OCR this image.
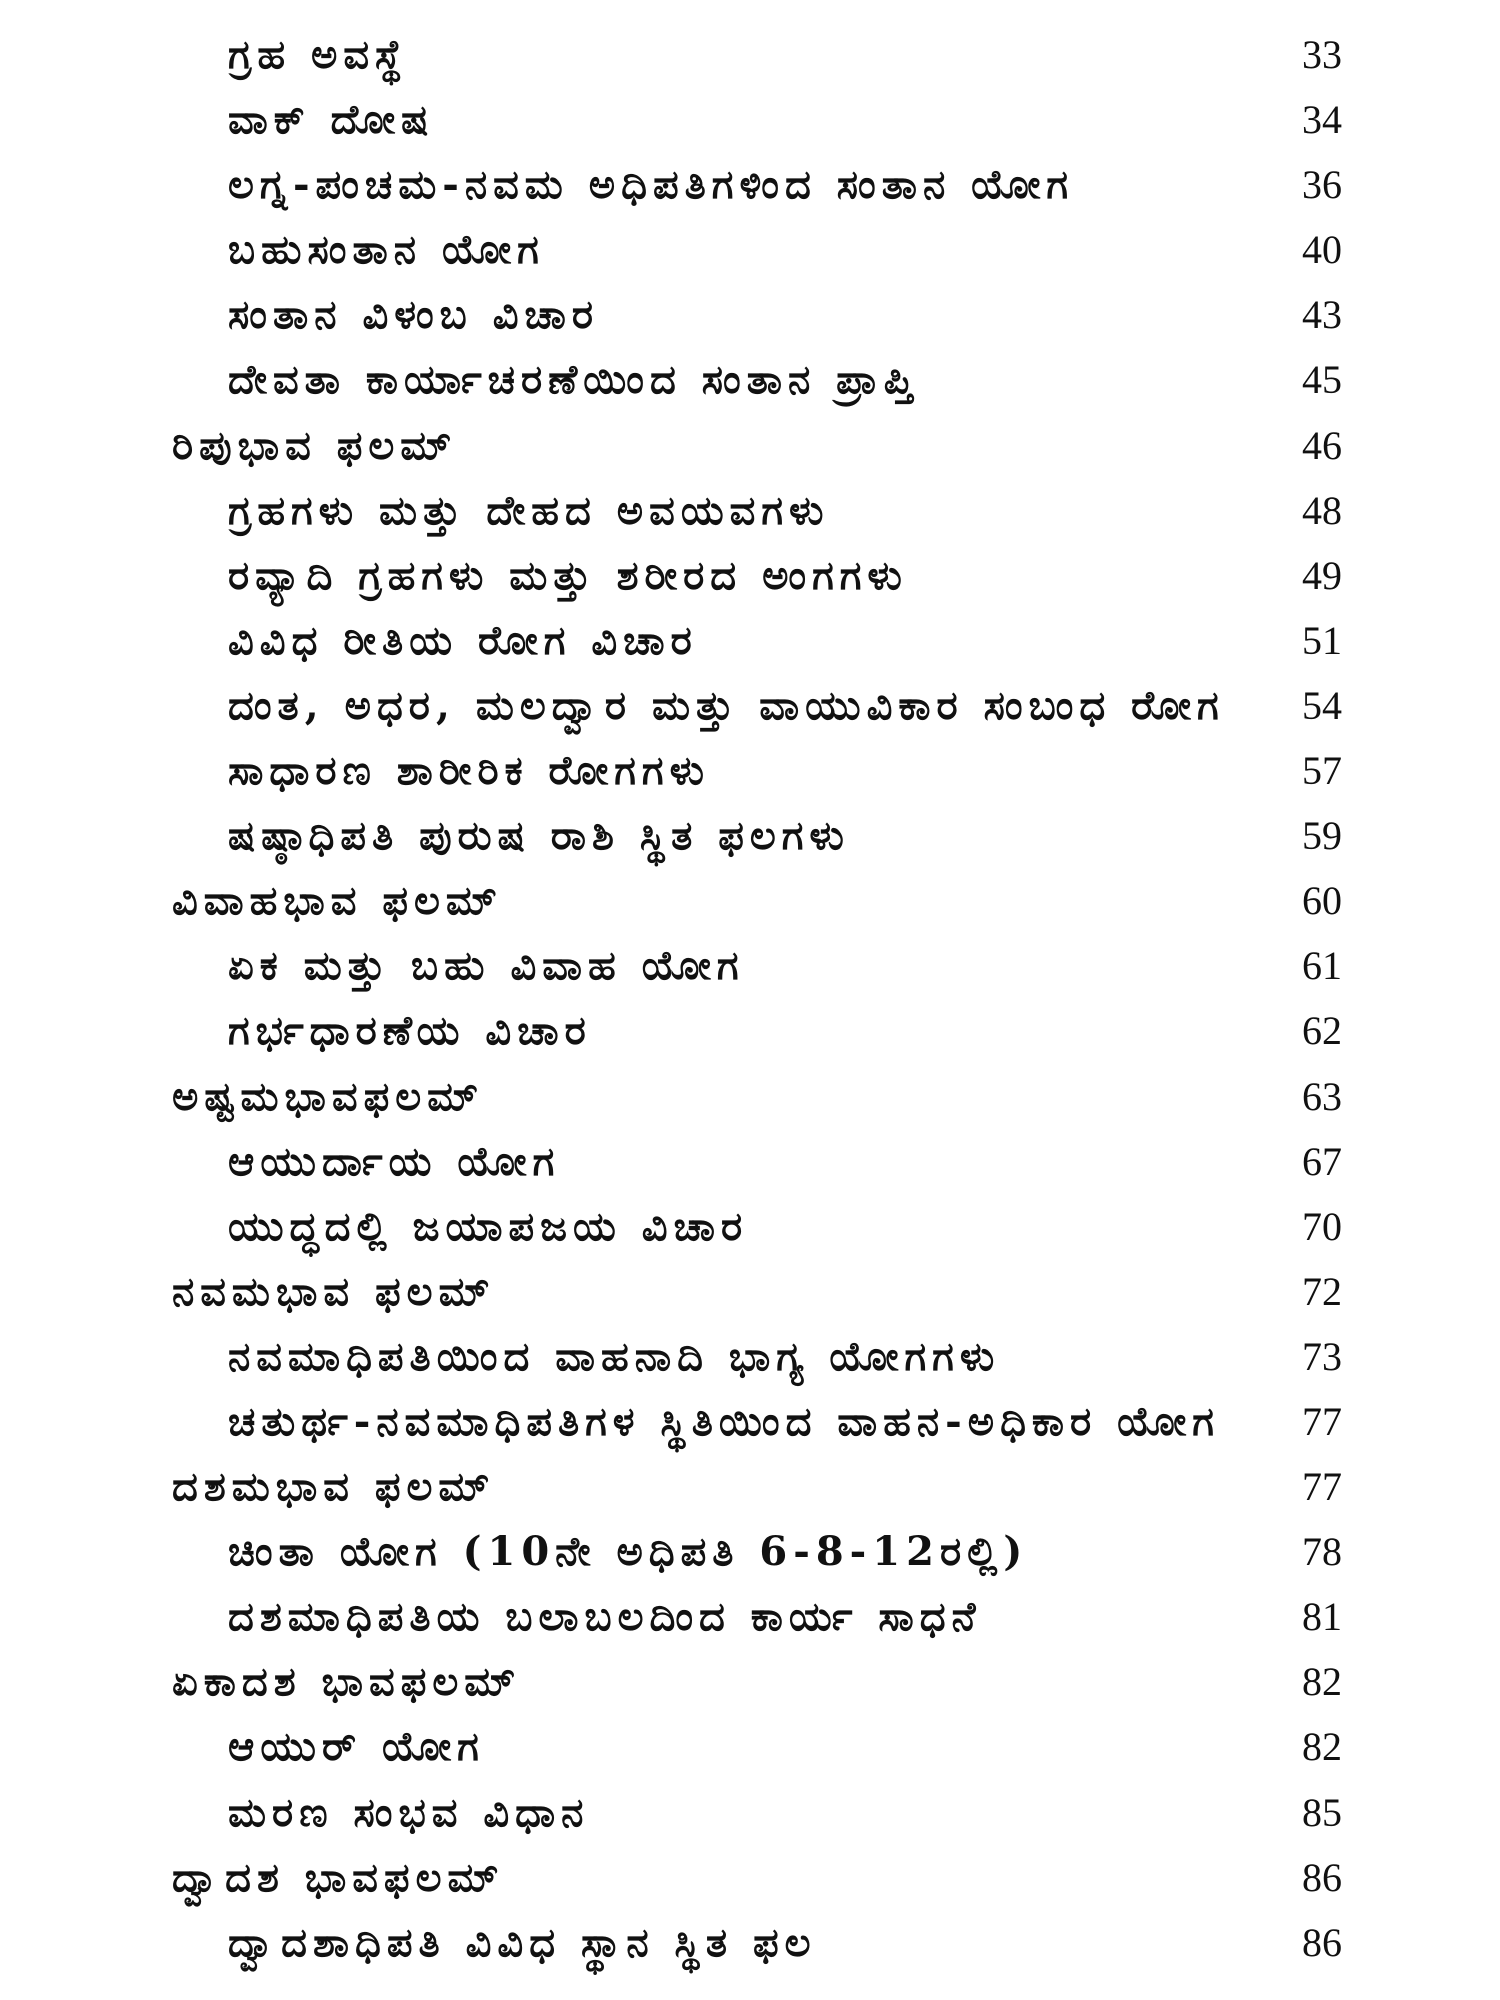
ಗ್ರಹ ಅವಸ್ಥೆ	33
ವಾಕ್ ದೋಷ	34
ಲಗ್ನ-ಪಂಚಮ-ನವಮ ಅಧಿಪತಿಗಳಿಂದ ಸಂತಾನ ಯೋಗ	36
ಬಹುಸಂತಾನ ಯೋಗ	40
ಸಂತಾನ ವಿಳಂಬ ವಿಚಾರ	43
ದೇವತಾ ಕಾರ್ಯಾಚರಣೆಯಿಂದ ಸಂತಾನ ಪ್ರಾಪ್ತಿ	45
ರಿಪುಭಾವ ಫಲಮ್	46
ಗ್ರಹಗಳು ಮತ್ತು ದೇಹದ ಅವಯವಗಳು	48
ರವ್ಯಾದಿ ಗ್ರಹಗಳು ಮತ್ತು ಶರೀರದ ಅಂಗಗಳು	49
ವಿವಿಧ ರೀತಿಯ ರೋಗ ವಿಚಾರ	51
ದಂತ, ಅಧರ, ಮಲದ್ವಾರ ಮತ್ತು ವಾಯುವಿಕಾರ ಸಂಬಂಧ ರೋಗ	54
ಸಾಧಾರಣ ಶಾರೀರಿಕ ರೋಗಗಳು	57
ಷಷ್ಠಾಧಿಪತಿ ಪುರುಷ ರಾಶಿ ಸ್ಥಿತ ಫಲಗಳು	59
ವಿವಾಹಭಾವ ಫಲಮ್	60
ಏಕ ಮತ್ತು ಬಹು ವಿವಾಹ ಯೋಗ	61
ಗರ್ಭಧಾರಣೆಯ ವಿಚಾರ	62
ಅಷ್ಟಮಭಾವಫಲಮ್	63
ಆಯುರ್ದಾಯ ಯೋಗ	67
ಯುದ್ಧದಲ್ಲಿ ಜಯಾಪಜಯ ವಿಚಾರ	70
ನವಮಭಾವ ಫಲಮ್	72
ನವಮಾಧಿಪತಿಯಿಂದ ವಾಹನಾದಿ ಭಾಗ್ಯ ಯೋಗಗಳು	73
ಚತುರ್ಥ-ನವಮಾಧಿಪತಿಗಳ ಸ್ಥಿತಿಯಿಂದ ವಾಹನ-ಅಧಿಕಾರ ಯೋಗ	77
ದಶಮಭಾವ ಫಲಮ್	77
ಚಿಂತಾ ಯೋಗ (10ನೇ ಅಧಿಪತಿ 6-8-12ರಲ್ಲಿ)	78
ದಶಮಾಧಿಪತಿಯ ಬಲಾಬಲದಿಂದ ಕಾರ್ಯ ಸಾಧನೆ	81
ಏಕಾದಶ ಭಾವಫಲಮ್	82
ಆಯುರ್ ಯೋಗ	82
ಮರಣ ಸಂಭವ ವಿಧಾನ	85
ದ್ವಾದಶ ಭಾವಫಲಮ್	86
ದ್ವಾದಶಾಧಿಪತಿ ವಿವಿಧ ಸ್ಥಾನ ಸ್ಥಿತ ಫಲ	86
